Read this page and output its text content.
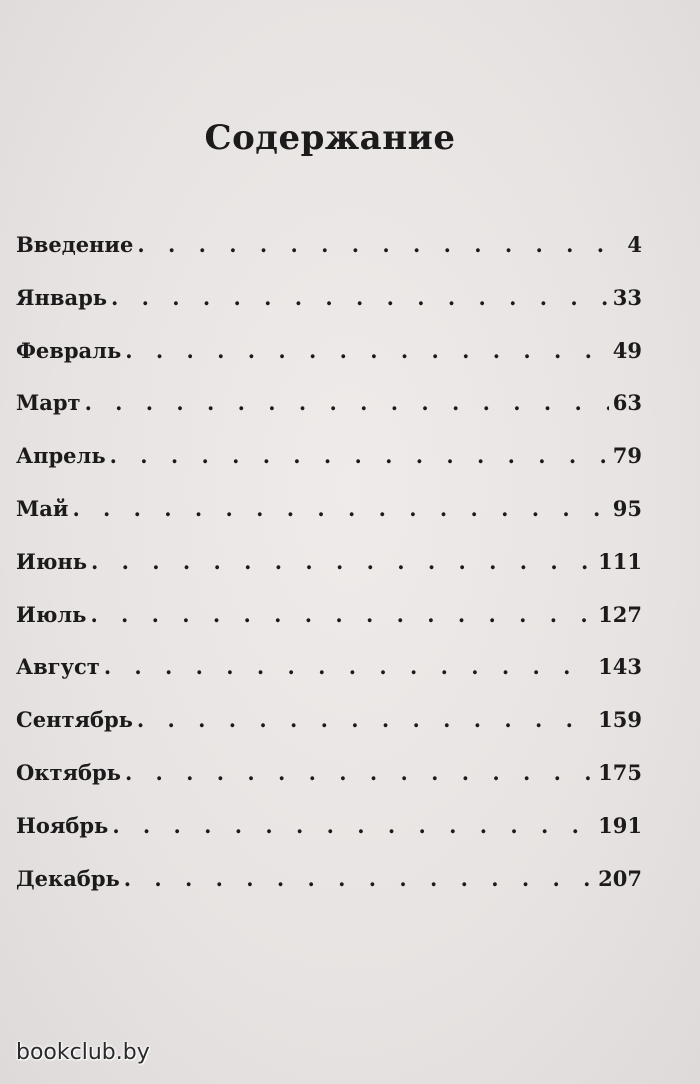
Содержание
Введение . . .	4
Январь . . .	33
Февраль . . .	49
Март . . .	63
Апрель . . .	79
Май . . .	95
Июнь . . .	111
Июль . . .	127
Август . . .	143
Сентябрь . . .	159
Октябрь . . .	175
Ноябрь . . .	191
Декабрь . . .	207
bookclub.by
